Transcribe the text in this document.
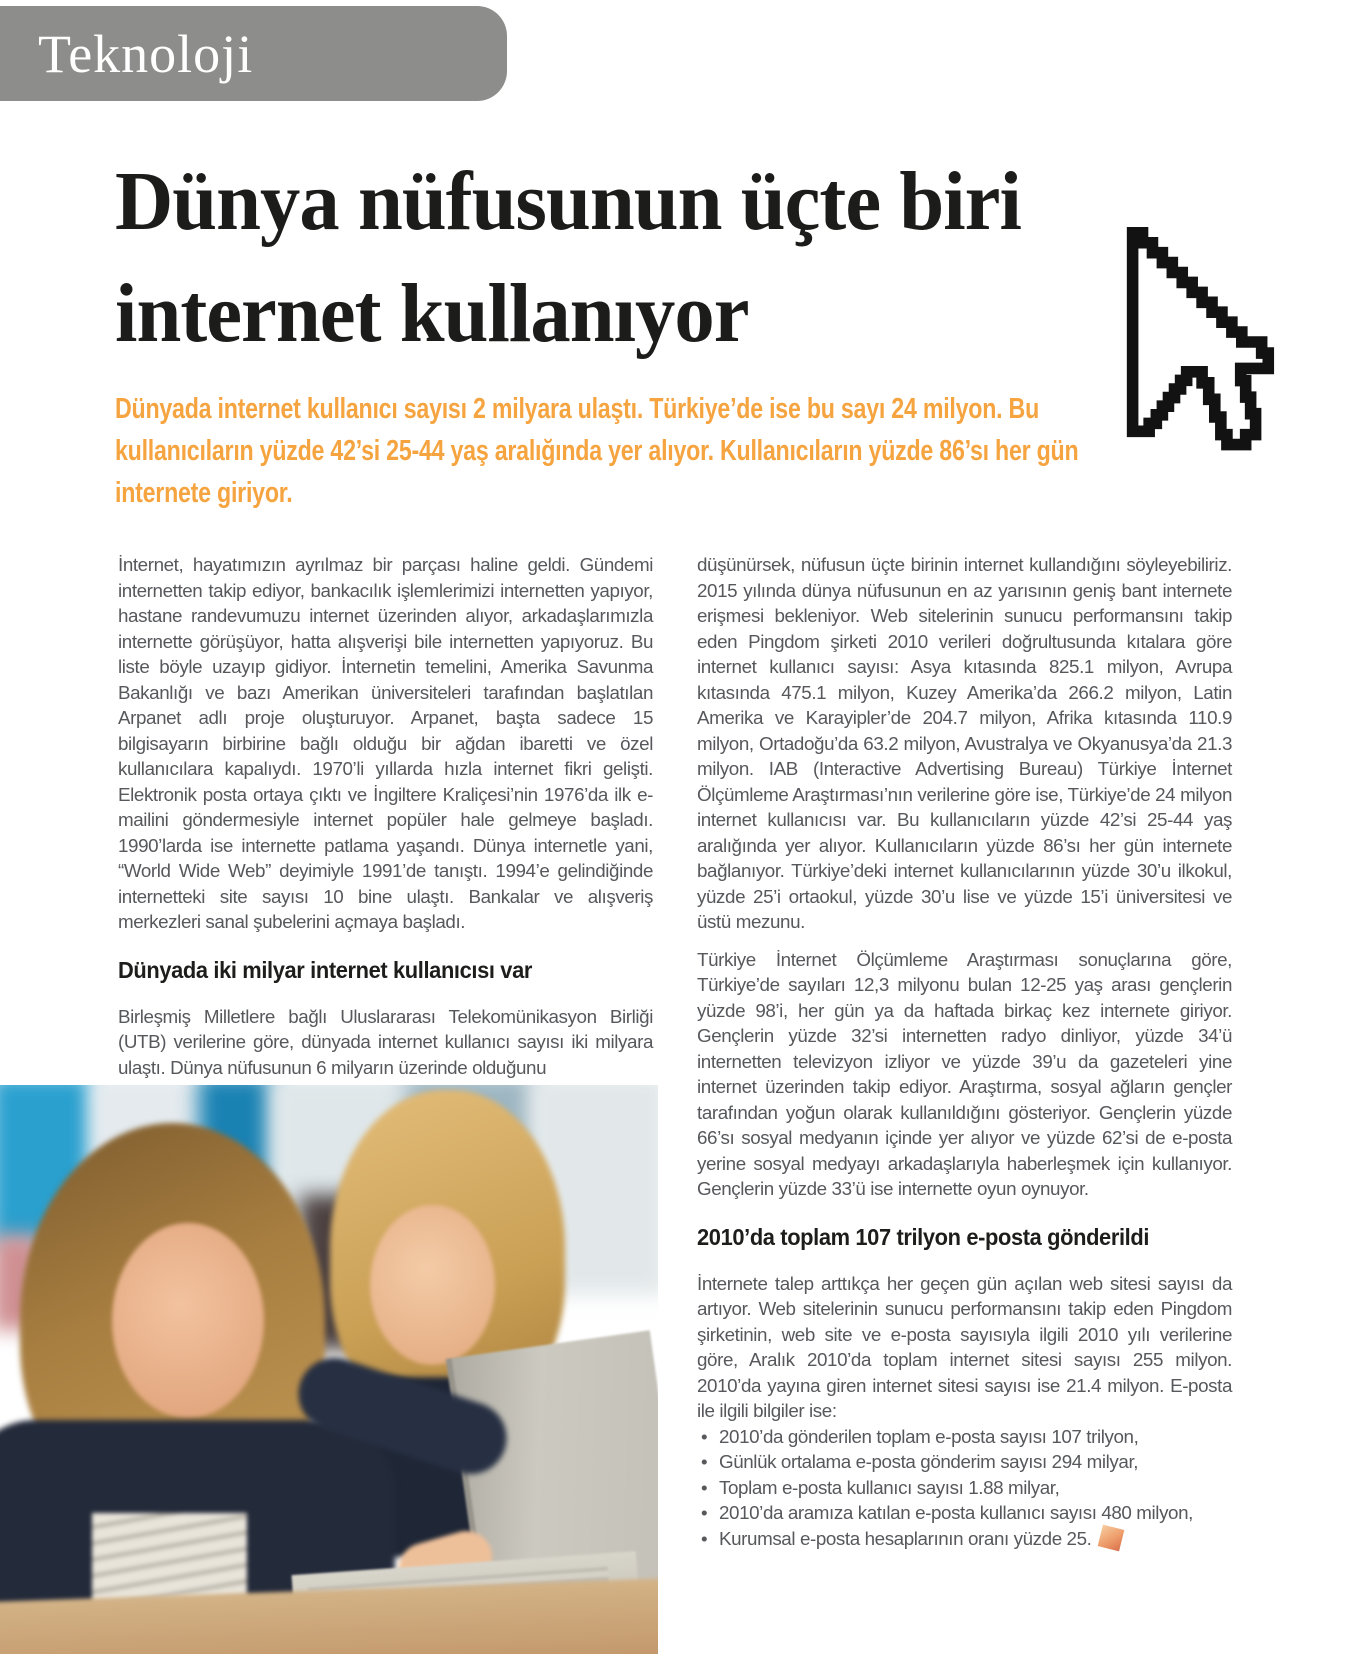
Teknoloji
Dünya nüfusunun üçte biri
internet kullanıyor

Dünyada internet kullanıcı sayısı 2 milyara ulaştı. Türkiye’de ise bu sayı 24 milyon. Bu kullanıcıların yüzde 42’si 25-44 yaş aralığında yer alıyor. Kullanıcıların yüzde 86’sı her gün internete giriyor.

İnternet, hayatımızın ayrılmaz bir parçası haline geldi. Gündemi internetten takip ediyor, bankacılık işlemlerimizi internetten yapıyor, hastane randevumuzu internet üzerinden alıyor, arkadaşlarımızla internette görüşüyor, hatta alışverişi bile internetten yapıyoruz. Bu liste böyle uzayıp gidiyor. İnternetin temelini, Amerika Savunma Bakanlığı ve bazı Amerikan üniversiteleri tarafından başlatılan Arpanet adlı proje oluşturuyor. Arpanet, başta sadece 15 bilgisayarın birbirine bağlı olduğu bir ağdan ibaretti ve özel kullanıcılara kapalıydı. 1970’li yıllarda hızla internet fikri gelişti. Elektronik posta ortaya çıktı ve İngiltere Kraliçesi’nin 1976’da ilk e-mailini göndermesiyle internet popüler hale gelmeye başladı. 1990’larda ise internette patlama yaşandı. Dünya internetle yani, “World Wide Web” deyimiyle 1991’de tanıştı. 1994’e gelindiğinde internetteki site sayısı 10 bine ulaştı. Bankalar ve alışveriş merkezleri sanal şubelerini açmaya başladı.

Dünyada iki milyar internet kullanıcısı var

Birleşmiş Milletlere bağlı Uluslararası Telekomünikasyon Birliği (UTB) verilerine göre, dünyada internet kullanıcı sayısı iki milyara ulaştı. Dünya nüfusunun 6 milyarın üzerinde olduğunu

düşünürsek, nüfusun üçte birinin internet kullandığını söyleyebiliriz. 2015 yılında dünya nüfusunun en az yarısının geniş bant internete erişmesi bekleniyor. Web sitelerinin sunucu performansını takip eden Pingdom şirketi 2010 verileri doğrultusunda kıtalara göre internet kullanıcı sayısı: Asya kıtasında 825.1 milyon, Avrupa kıtasında 475.1 milyon, Kuzey Amerika’da 266.2 milyon, Latin Amerika ve Karayipler’de 204.7 milyon, Afrika kıtasında 110.9 milyon, Ortadoğu’da 63.2 milyon, Avustralya ve Okyanusya’da 21.3 milyon. IAB (Interactive Advertising Bureau) Türkiye İnternet Ölçümleme Araştırması’nın verilerine göre ise, Türkiye’de 24 milyon internet kullanıcısı var. Bu kullanıcıların yüzde 42’si 25-44 yaş aralığında yer alıyor. Kullanıcıların yüzde 86’sı her gün internete bağlanıyor. Türkiye’deki internet kullanıcılarının yüzde 30’u ilkokul, yüzde 25’i ortaokul, yüzde 30’u lise ve yüzde 15’i üniversitesi ve üstü mezunu.

Türkiye İnternet Ölçümleme Araştırması sonuçlarına göre, Türkiye’de sayıları 12,3 milyonu bulan 12-25 yaş arası gençlerin yüzde 98’i, her gün ya da haftada birkaç kez internete giriyor. Gençlerin yüzde 32’si internetten radyo dinliyor, yüzde 34’ü internetten televizyon izliyor ve yüzde 39’u da gazeteleri yine internet üzerinden takip ediyor. Araştırma, sosyal ağların gençler tarafından yoğun olarak kullanıldığını gösteriyor. Gençlerin yüzde 66’sı sosyal medyanın içinde yer alıyor ve yüzde 62’si de e-posta yerine sosyal medyayı arkadaşlarıyla haberleşmek için kullanıyor. Gençlerin yüzde 33’ü ise internette oyun oynuyor.

2010’da toplam 107 trilyon e-posta gönderildi

İnternete talep arttıkça her geçen gün açılan web sitesi sayısı da artıyor. Web sitelerinin sunucu performansını takip eden Pingdom şirketinin, web site ve e-posta sayısıyla ilgili 2010 yılı verilerine göre, Aralık 2010’da toplam internet sitesi sayısı 255 milyon. 2010’da yayına giren internet sitesi sayısı ise 21.4 milyon. E-posta ile ilgili bilgiler ise:

• 2010’da gönderilen toplam e-posta sayısı 107 trilyon,
• Günlük ortalama e-posta gönderim sayısı 294 milyar,
• Toplam e-posta kullanıcı sayısı 1.88 milyar,
• 2010’da aramıza katılan e-posta kullanıcı sayısı 480 milyon,
• Kurumsal e-posta hesaplarının oranı yüzde 25.
